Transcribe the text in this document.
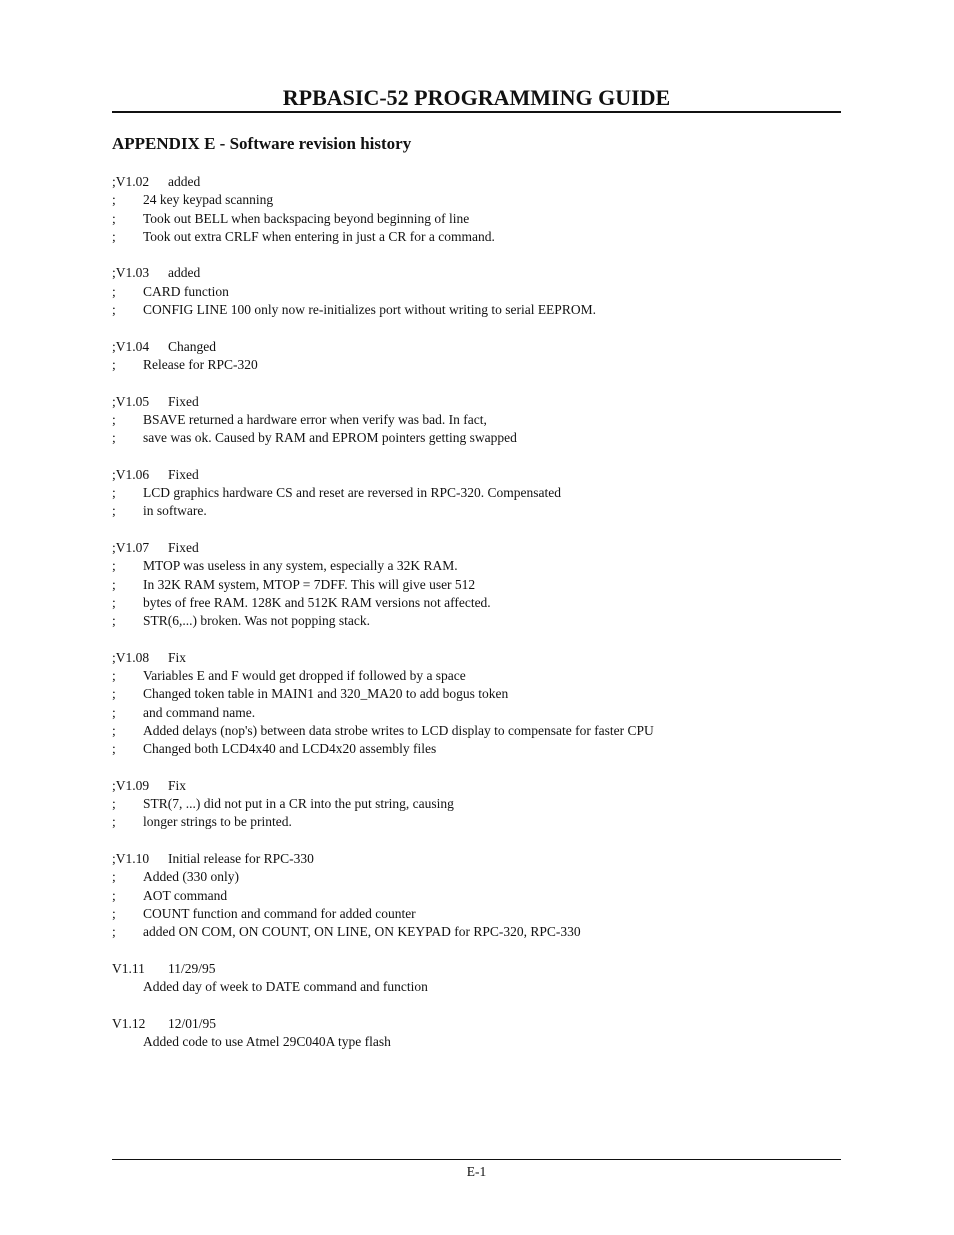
RPBASIC-52 PROGRAMMING GUIDE
APPENDIX E - Software revision history
;V1.02	added
;	24 key keypad scanning
;	Took out BELL when backspacing beyond beginning of line
;	Took out extra CRLF when entering in just a CR for a command.
;V1.03	added
;	CARD function
;	CONFIG LINE 100 only now re-initializes port without writing to serial EEPROM.
;V1.04	Changed
;	Release for RPC-320
;V1.05	Fixed
;	BSAVE returned a hardware error when verify was bad. In fact,
;	save was ok. Caused by RAM and EPROM pointers getting swapped
;V1.06	Fixed
;	LCD graphics hardware CS and reset are reversed in RPC-320. Compensated
;	in software.
;V1.07	Fixed
;	MTOP was useless in any system, especially a 32K RAM.
;	In 32K RAM system, MTOP = 7DFF. This will give user 512
;	bytes of free RAM. 128K and 512K RAM versions not affected.
;	STR(6,...) broken. Was not popping stack.
;V1.08	Fix
;	Variables E and F would get dropped if followed by a space
;	Changed token table in MAIN1 and 320_MA20 to add bogus token
;	and command name.
;	Added delays (nop's) between data strobe writes to LCD display to compensate for faster CPU
;	Changed both LCD4x40 and LCD4x20 assembly files
;V1.09	Fix
;	STR(7, ...) did not put in a CR into the put string, causing
;	longer strings to be printed.
;V1.10	Initial release for RPC-330
;	Added (330 only)
;	AOT command
;	COUNT function and command for added counter
;	added ON COM, ON COUNT, ON LINE, ON KEYPAD for RPC-320, RPC-330
V1.11	11/29/95
Added day of week to DATE command and function
V1.12	12/01/95
Added code to use Atmel 29C040A type flash
E-1
